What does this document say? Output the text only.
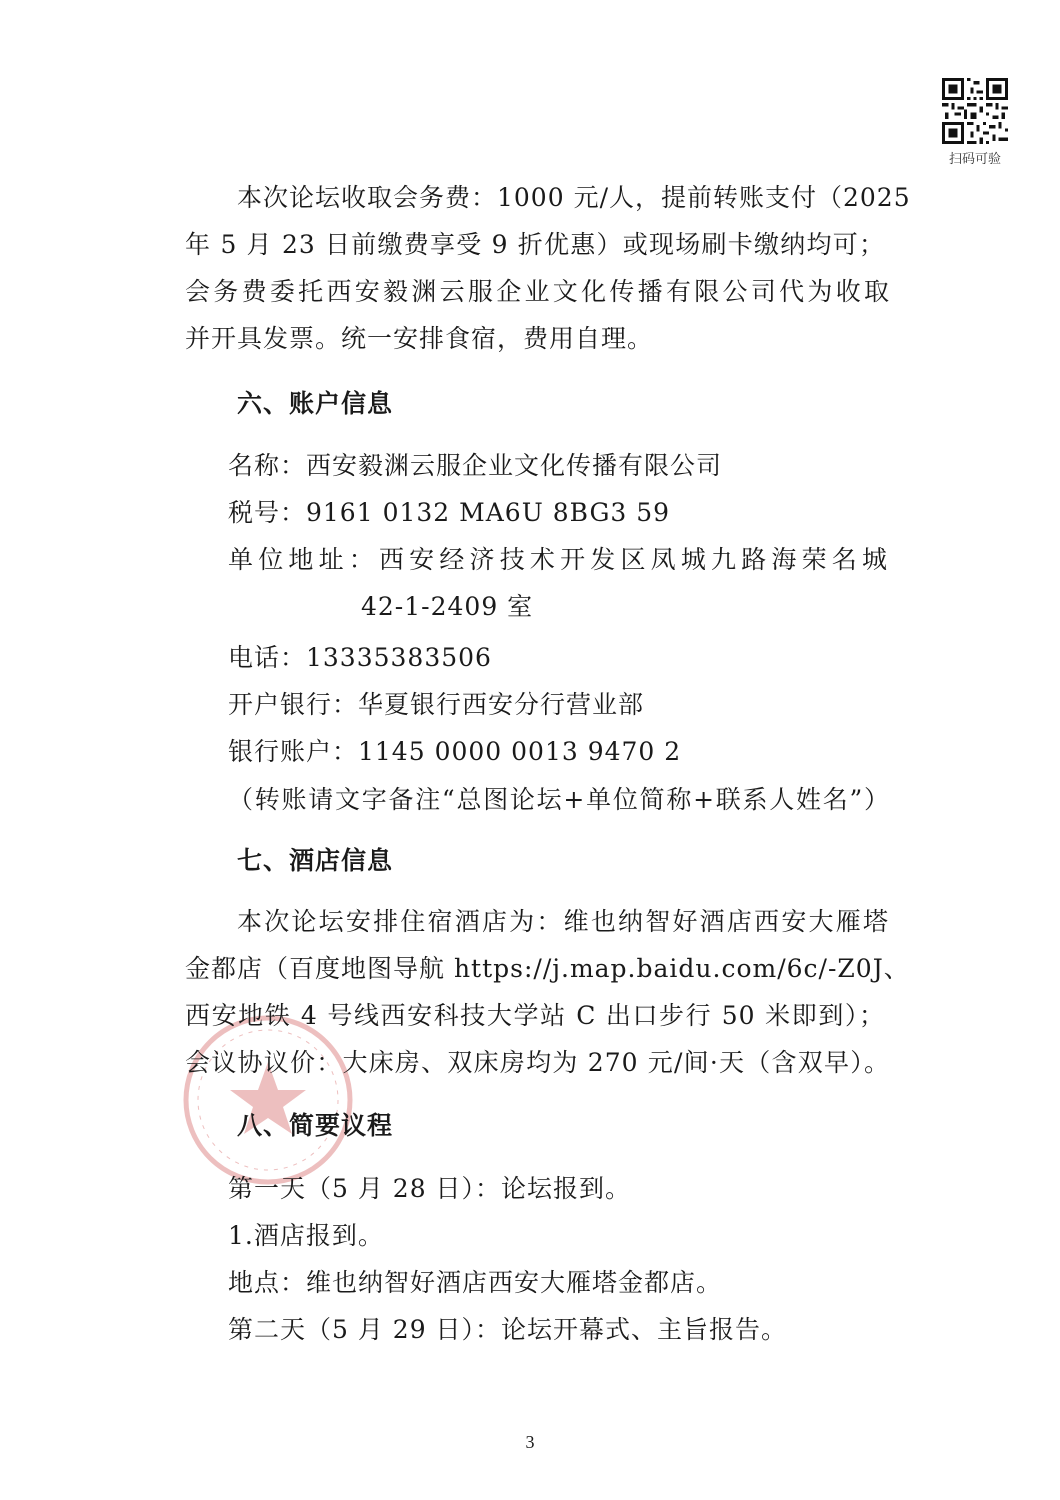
扫码可验
本次论坛收取会务费：1000 元/人，提前转账支付（2025
年 5 月 23 日前缴费享受 9 折优惠）或现场刷卡缴纳均可；
会务费委托西安毅渊云服企业文化传播有限公司代为收取
并开具发票。统一安排食宿，费用自理。
六、账户信息
名称：西安毅渊云服企业文化传播有限公司
税号：9161 0132 MA6U 8BG3 59
单位地址：西安经济技术开发区凤城九路海荣名城
42-1-2409 室
电话：13335383506
开户银行：华夏银行西安分行营业部
银行账户：1145 0000 0013 9470 2
（转账请文字备注“总图论坛+单位简称+联系人姓名”）
七、酒店信息
本次论坛安排住宿酒店为：维也纳智好酒店西安大雁塔
金都店（百度地图导航 https://j.map.baidu.com/6c/-Z0J、
西安地铁 4 号线西安科技大学站 C 出口步行 50 米即到）；
会议协议价：大床房、双床房均为 270 元/间·天（含双早）。
八、简要议程
第一天（5 月 28 日）：论坛报到。
1.酒店报到。
地点：维也纳智好酒店西安大雁塔金都店。
第二天（5 月 29 日）：论坛开幕式、主旨报告。
3
